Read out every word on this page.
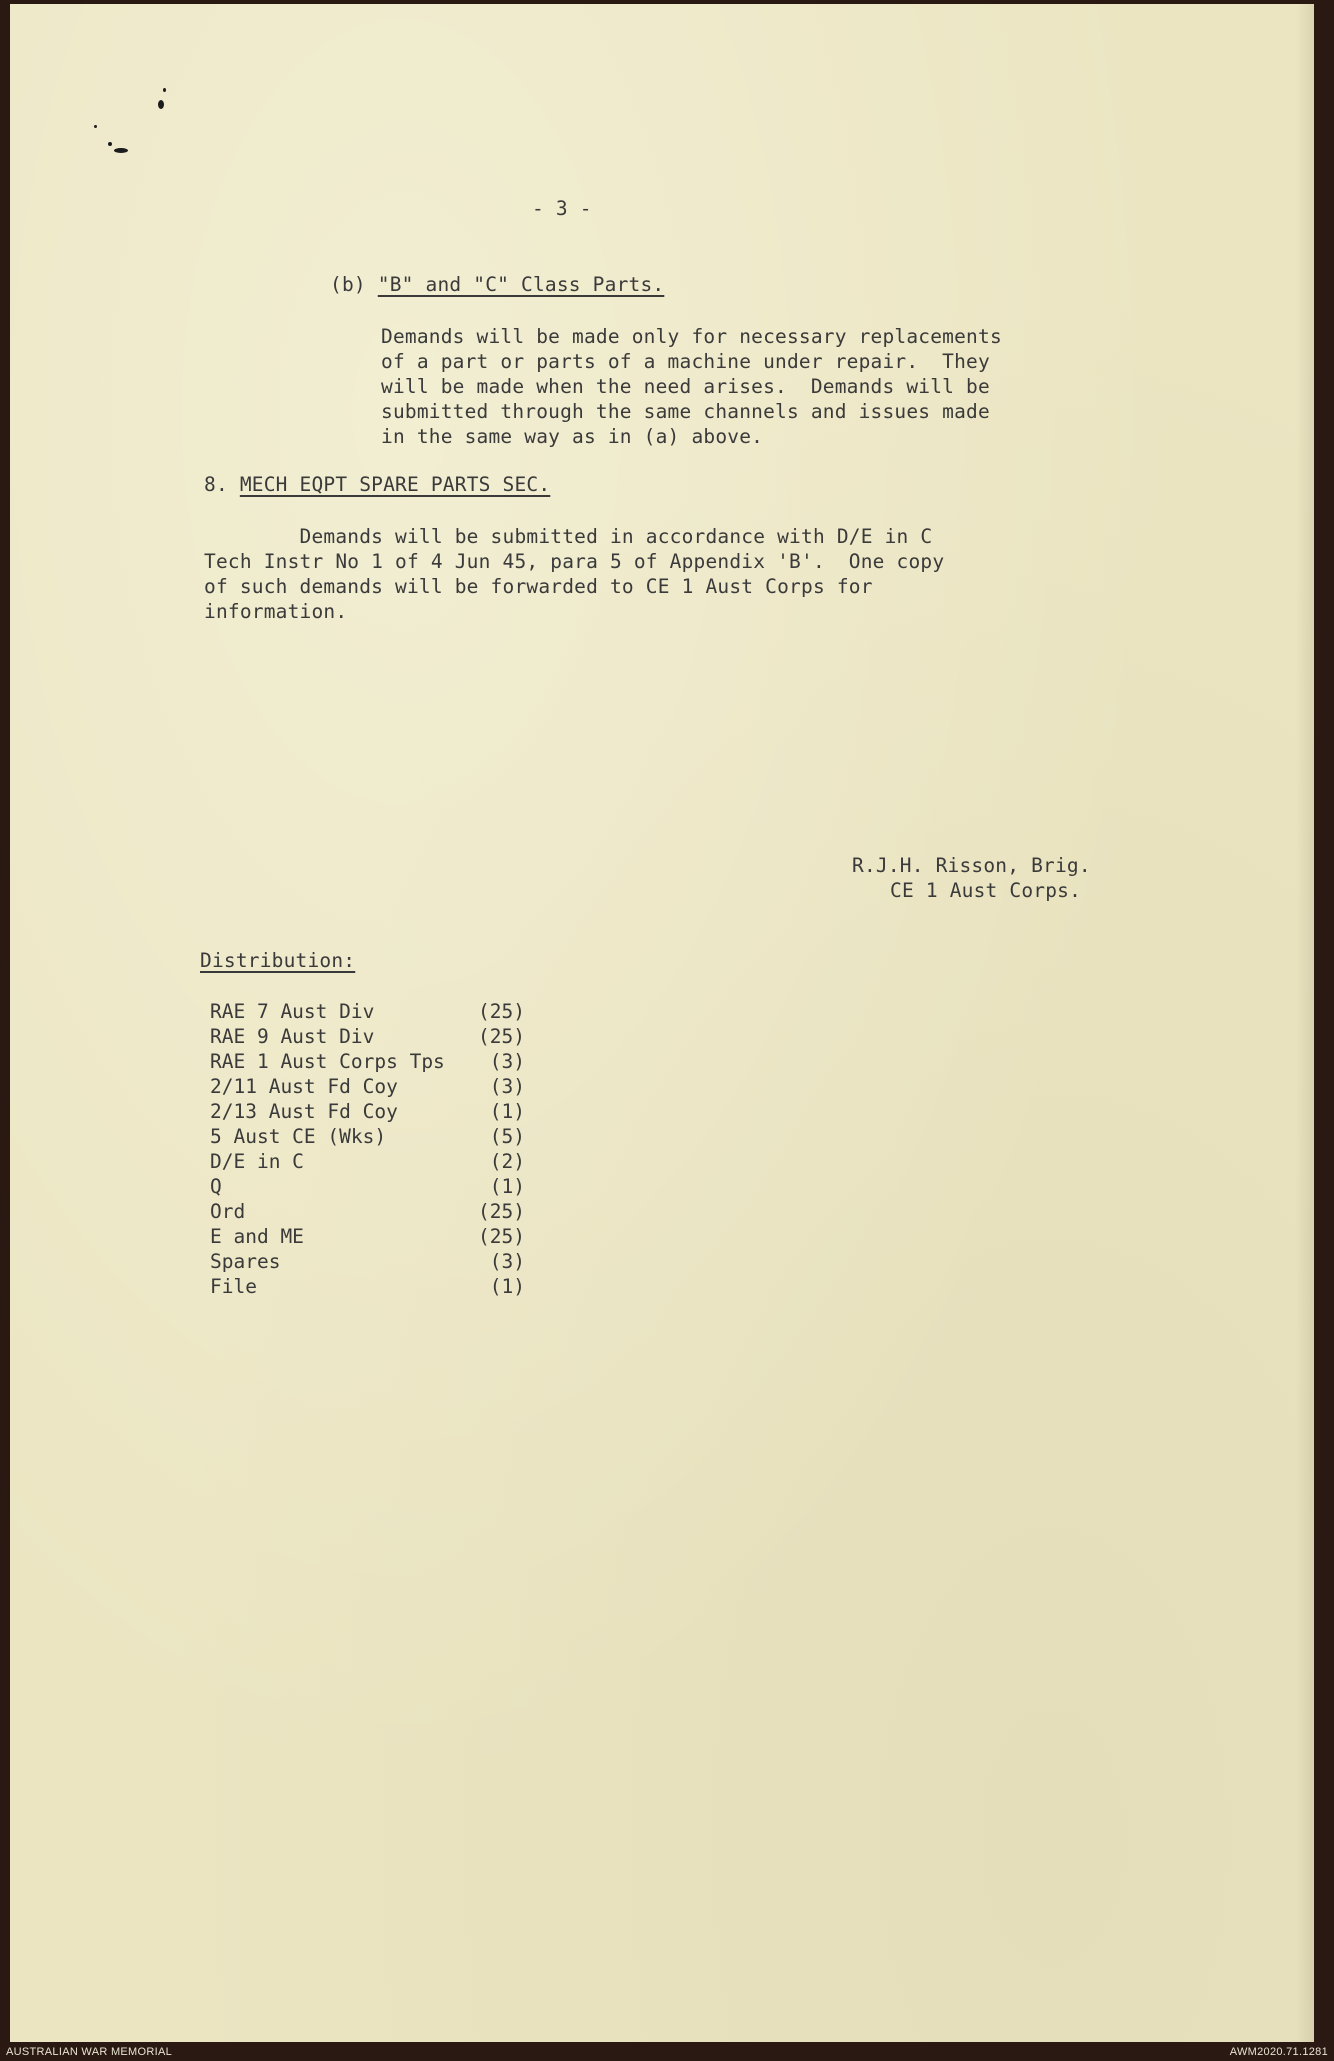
- 3 -
(b) "B" and "C" Class Parts.
Demands will be made only for necessary replacements
of a part or parts of a machine under repair.  They
will be made when the need arises.  Demands will be
submitted through the same channels and issues made
in the same way as in (a) above.
8. MECH EQPT SPARE PARTS SEC.
Demands will be submitted in accordance with D/E in C
Tech Instr No 1 of 4 Jun 45, para 5 of Appendix 'B'.  One copy
of such demands will be forwarded to CE 1 Aust Corps for
information.
R.J.H. Risson, Brig.
CE 1 Aust Corps.
Distribution:
RAE 7 Aust Div	(25)
RAE 9 Aust Div	(25)
RAE 1 Aust Corps Tps	(3)
2/11 Aust Fd Coy	(3)
2/13 Aust Fd Coy	(1)
5 Aust CE (Wks)	(5)
D/E in C	(2)
Q	(1)
Ord	(25)
E and ME	(25)
Spares	(3)
File	(1)
AUSTRALIAN WAR MEMORIAL	AWM2020.71.1281
